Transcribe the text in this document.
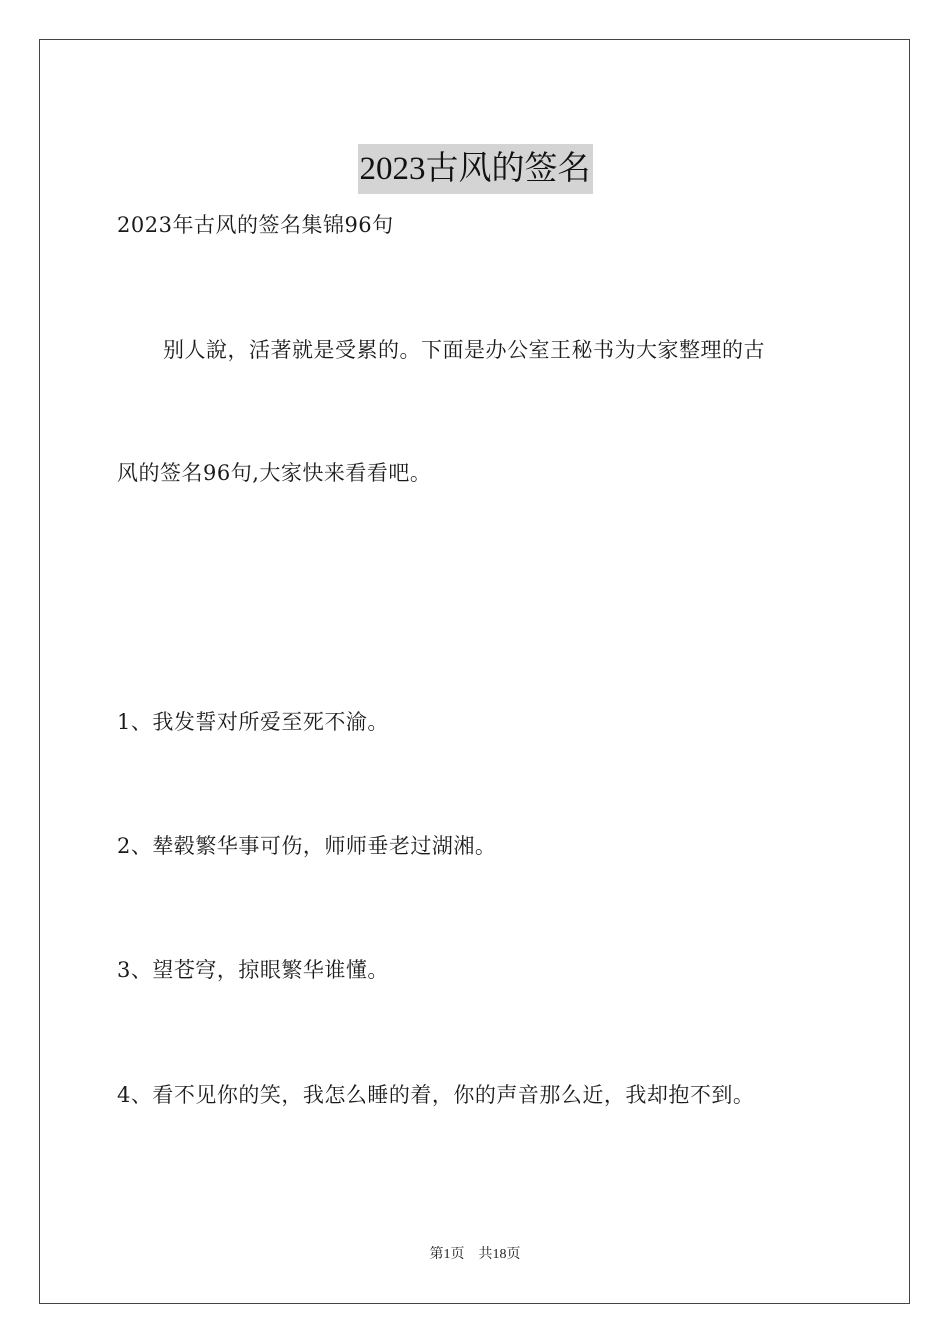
2023古风的签名
2023年古风的签名集锦96句
别人說，活著就是受累的。下面是办公室王秘书为大家整理的古
风的签名96句,大家快来看看吧。
1、我发誓对所爱至死不渝。
2、辇毂繁华事可伤，师师垂老过湖湘。
3、望苍穹，掠眼繁华谁懂。
4、看不见你的笑，我怎么睡的着，你的声音那么近，我却抱不到。
第1页 共18页
